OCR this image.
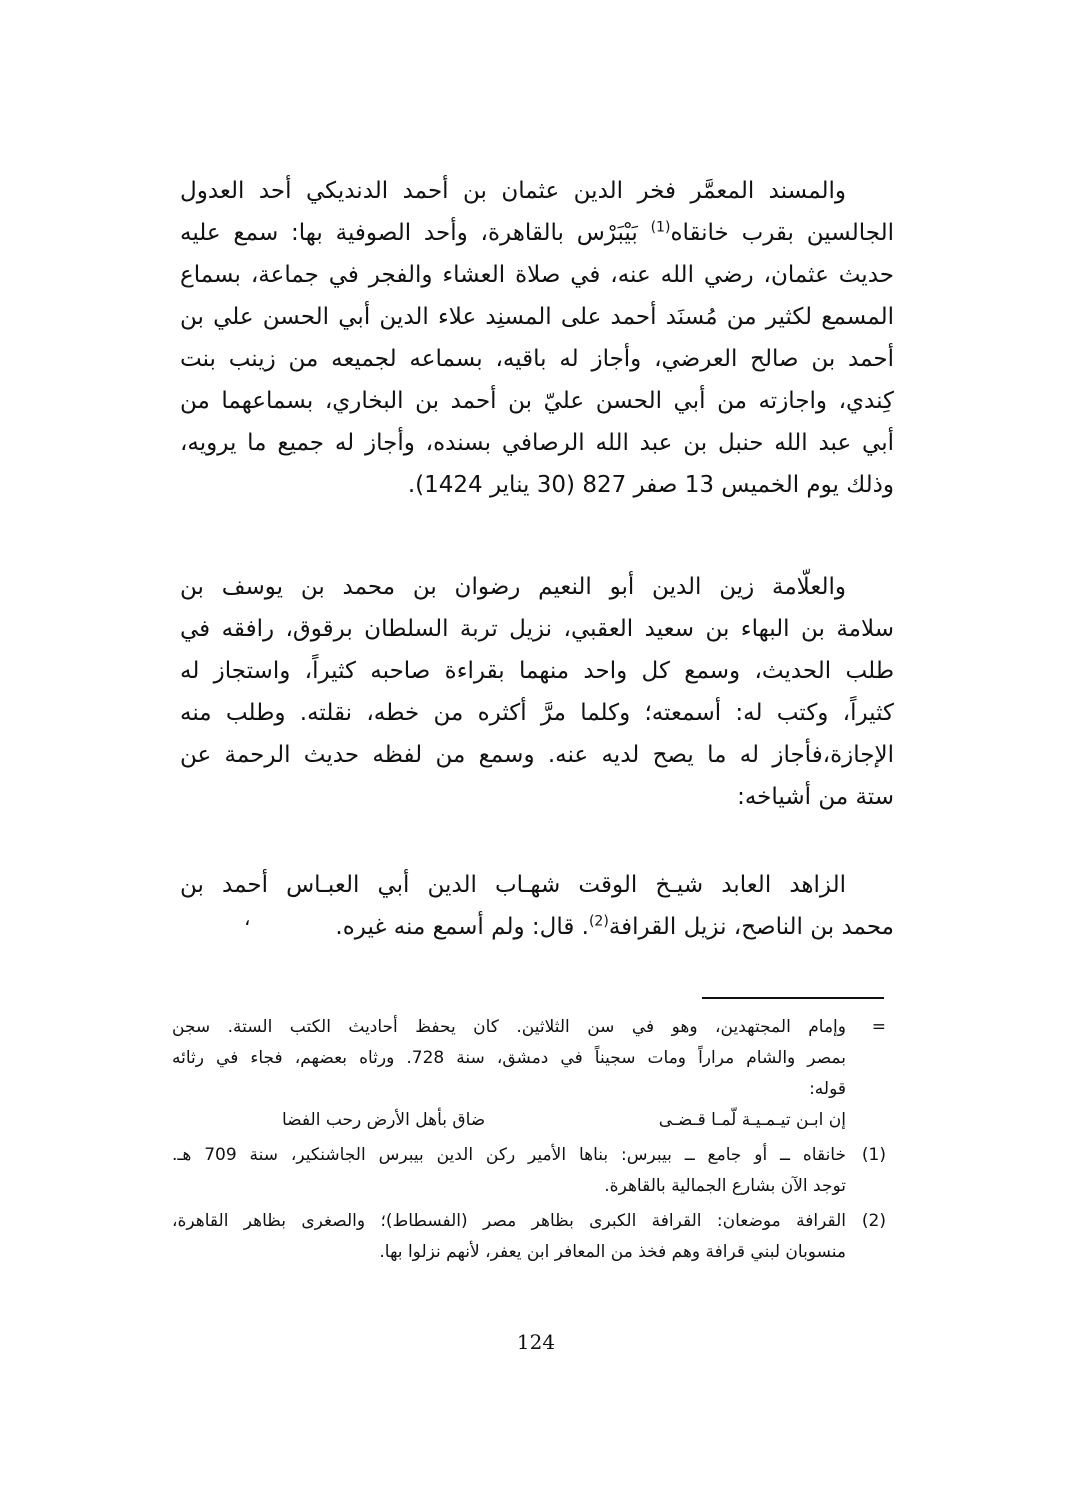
والمسند المعمَّر فخر الدين عثمان بن أحمد الدنديكي أحد العدول
الجالسين بقرب خانقاه$^{(1)}$ بَيْبَرْس بالقاهرة، وأحد الصوفية بها: سمع عليه
حديث عثمان، رضي الله عنه، في صلاة العشاء والفجر في جماعة، بسماع
المسمع لكثير من مُسنَد أحمد على المسنِد علاء الدين أبي الحسن علي بن
أحمد بن صالح العرضي، وأجاز له باقيه، بسماعه لجميعه من زينب بنت
كِندي، واجازته من أبي الحسن عليّ بن أحمد بن البخاري، بسماعهما من
أبي عبد الله حنبل بن عبد الله الرصافي بسنده، وأجاز له جميع ما يرويه،
وذلك يوم الخميس 13 صفر 827 (30 يناير 1424).
والعلّامة زين الدين أبو النعيم رضوان بن محمد بن يوسف بن
سلامة بن البهاء بن سعيد العقبي، نزيل تربة السلطان برقوق، رافقه في
طلب الحديث، وسمع كل واحد منهما بقراءة صاحبه كثيراً، واستجاز له
كثيراً، وكتب له: أسمعته؛ وكلما مرَّ أكثره من خطه، نقلته. وطلب منه
الإجازة،فأجاز له ما يصح لديه عنه. وسمع من لفظه حديث الرحمة عن
ستة من أشياخه:
الزاهد العابد شيـخ الوقت شهـاب الدين أبي العبـاس أحمد بن
محمد بن الناصح، نزيل القرافة$^{(2)}$. قال: ولم أسمع منه غيره.
،
=
وإمام المجتهدين، وهو في سن الثلاثين. كان يحفظ أحاديث الكتب الستة. سجن
بمصر والشام مراراً ومات سجيناً في دمشق، سنة 728. ورثاه بعضهم، فجاء في رثائه
قوله:
إن ابـن تيـمـيـة لّمـا قـضـى
ضاق بأهل الأرض رحب الفضا
(1)
خانقاه ــ أو جامع ــ بيبرس: بناها الأمير ركن الدين بيبرس الجاشنكير، سنة 709 هـ.
توجد الآن بشارع الجمالية بالقاهرة.
(2)
القرافة موضعان: القرافة الكبرى بظاهر مصر (الفسطاط)؛ والصغرى بظاهر القاهرة،
منسوبان لبني قرافة وهم فخذ من المعافر ابن يعفر، لأنهم نزلوا بها.
124
